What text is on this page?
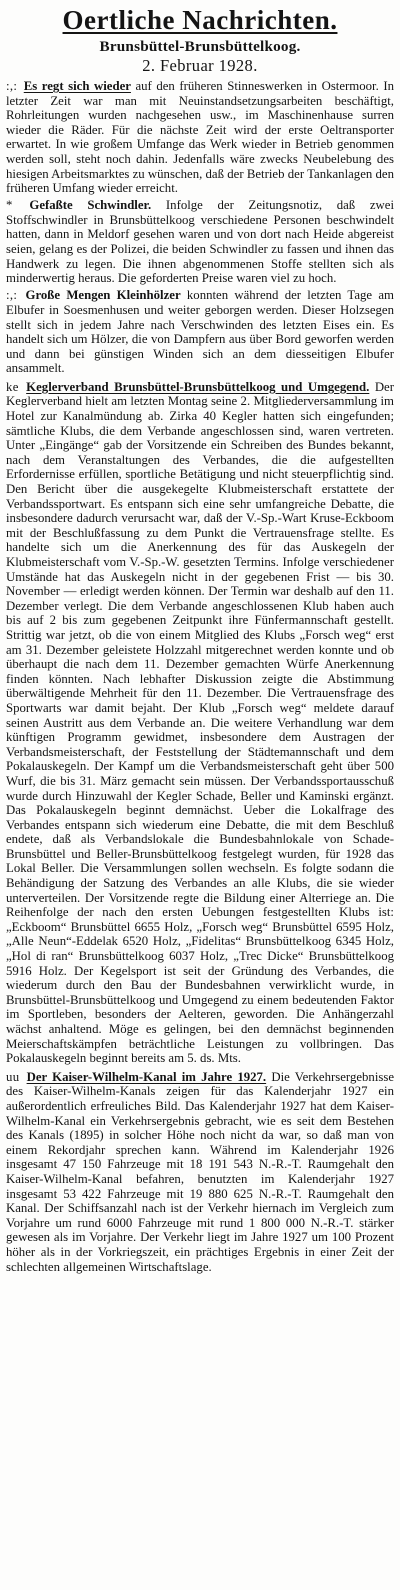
Oertliche Nachrichten.

Brunsbüttel-Brunsbüttelkoog.

2. Februar 1928.

:,: Es regt sich wieder auf den früheren Stinneswerken in Ostermoor. In letzter Zeit war man mit Neuinstandsetzungsarbeiten beschäftigt, Rohrleitungen wurden nachgesehen usw., im Maschinenhause surren wieder die Räder. Für die nächste Zeit wird der erste Oeltransporter erwartet. In wie großem Umfange das Werk wieder in Betrieb genommen werden soll, steht noch dahin. Jedenfalls wäre zwecks Neubelebung des hiesigen Arbeitsmarktes zu wünschen, daß der Betrieb der Tankanlagen den früheren Umfang wieder erreicht.

* Gefaßte Schwindler. Infolge der Zeitungsnotiz, daß zwei Stoffschwindler in Brunsbüttelkoog verschiedene Personen beschwindelt hatten, dann in Meldorf gesehen waren und von dort nach Heide abgereist seien, gelang es der Polizei, die beiden Schwindler zu fassen und ihnen das Handwerk zu legen. Die ihnen abgenommenen Stoffe stellten sich als minderwertig heraus. Die geforderten Preise waren viel zu hoch.

:,: Große Mengen Kleinhölzer konnten während der letzten Tage am Elbufer in Soesmenhusen und weiter geborgen werden. Dieser Holzsegen stellt sich in jedem Jahre nach Verschwinden des letzten Eises ein. Es handelt sich um Hölzer, die von Dampfern aus über Bord geworfen werden und dann bei günstigen Winden sich an dem diesseitigen Elbufer ansammelt.

ke Keglerverband Brunsbüttel-Brunsbüttelkoog und Umgegend. Der Keglerverband hielt am letzten Montag seine 2. Mitgliederversammlung im Hotel zur Kanalmündung ab. Zirka 40 Kegler hatten sich eingefunden; sämtliche Klubs, die dem Verbande angeschlossen sind, waren vertreten. Unter „Eingänge“ gab der Vorsitzende ein Schreiben des Bundes bekannt, nach dem Veranstaltungen des Verbandes, die die aufgestellten Erfordernisse erfüllen, sportliche Betätigung und nicht steuerpflichtig sind. Den Bericht über die ausgekegelte Klubmeisterschaft erstattete der Verbandssportwart. Es entspann sich eine sehr umfangreiche Debatte, die insbesondere dadurch verursacht war, daß der V.-Sp.-Wart Kruse-Eckboom mit der Beschlußfassung zu dem Punkt die Vertrauensfrage stellte. Es handelte sich um die Anerkennung des für das Auskegeln der Klubmeisterschaft vom V.-Sp.-W. gesetzten Termins. Infolge verschiedener Umstände hat das Auskegeln nicht in der gegebenen Frist — bis 30. November — erledigt werden können. Der Termin war deshalb auf den 11. Dezember verlegt. Die dem Verbande angeschlossenen Klub haben auch bis auf 2 bis zum gegebenen Zeitpunkt ihre Fünfermannschaft gestellt. Strittig war jetzt, ob die von einem Mitglied des Klubs „Forsch weg“ erst am 31. Dezember geleistete Holzzahl mitgerechnet werden konnte und ob überhaupt die nach dem 11. Dezember gemachten Würfe Anerkennung finden könnten. Nach lebhafter Diskussion zeigte die Abstimmung überwältigende Mehrheit für den 11. Dezember. Die Vertrauensfrage des Sportwarts war damit bejaht. Der Klub „Forsch weg“ meldete darauf seinen Austritt aus dem Verbande an. Die weitere Verhandlung war dem künftigen Programm gewidmet, insbesondere dem Austragen der Verbandsmeisterschaft, der Feststellung der Städtemannschaft und dem Pokalauskegeln. Der Kampf um die Verbandsmeisterschaft geht über 500 Wurf, die bis 31. März gemacht sein müssen. Der Verbandssportausschuß wurde durch Hinzuwahl der Kegler Schade, Beller und Kaminski ergänzt. Das Pokalauskegeln beginnt demnächst. Ueber die Lokalfrage des Verbandes entspann sich wiederum eine Debatte, die mit dem Beschluß endete, daß als Verbandslokale die Bundesbahnlokale von Schade-Brunsbüttel und Beller-Brunsbüttelkoog festgelegt wurden, für 1928 das Lokal Beller. Die Versammlungen sollen wechseln. Es folgte sodann die Behändigung der Satzung des Verbandes an alle Klubs, die sie wieder unterverteilen. Der Vorsitzende regte die Bildung einer Alterriege an. Die Reihenfolge der nach den ersten Uebungen festgestellten Klubs ist: „Eckboom“ Brunsbüttel 6655 Holz, „Forsch weg“ Brunsbüttel 6595 Holz, „Alle Neun“-Eddelak 6520 Holz, „Fidelitas“ Brunsbüttelkoog 6345 Holz, „Hol di ran“ Brunsbüttelkoog 6037 Holz, „Trec Dicke“ Brunsbüttelkoog 5916 Holz. Der Kegelsport ist seit der Gründung des Verbandes, die wiederum durch den Bau der Bundesbahnen verwirklicht wurde, in Brunsbüttel-Brunsbüttelkoog und Umgegend zu einem bedeutenden Faktor im Sportleben, besonders der Aelteren, geworden. Die Anhängerzahl wächst anhaltend. Möge es gelingen, bei den demnächst beginnenden Meierschaftskämpfen beträchtliche Leistungen zu vollbringen. Das Pokalauskegeln beginnt bereits am 5. ds. Mts.

uu Der Kaiser-Wilhelm-Kanal im Jahre 1927. Die Verkehrsergebnisse des Kaiser-Wilhelm-Kanals zeigen für das Kalenderjahr 1927 ein außerordentlich erfreuliches Bild. Das Kalenderjahr 1927 hat dem Kaiser-Wilhelm-Kanal ein Verkehrsergebnis gebracht, wie es seit dem Bestehen des Kanals (1895) in solcher Höhe noch nicht da war, so daß man von einem Rekordjahr sprechen kann. Während im Kalenderjahr 1926 insgesamt 47 150 Fahrzeuge mit 18 191 543 N.-R.-T. Raumgehalt den Kaiser-Wilhelm-Kanal befahren, benutzten im Kalenderjahr 1927 insgesamt 53 422 Fahrzeuge mit 19 880 625 N.-R.-T. Raumgehalt den Kanal. Der Schiffsanzahl nach ist der Verkehr hiernach im Vergleich zum Vorjahre um rund 6000 Fahrzeuge mit rund 1 800 000 N.-R.-T. stärker gewesen als im Vorjahre. Der Verkehr liegt im Jahre 1927 um 100 Prozent höher als in der Vorkriegszeit, ein prächtiges Ergebnis in einer Zeit der schlechten allgemeinen Wirtschaftslage.
